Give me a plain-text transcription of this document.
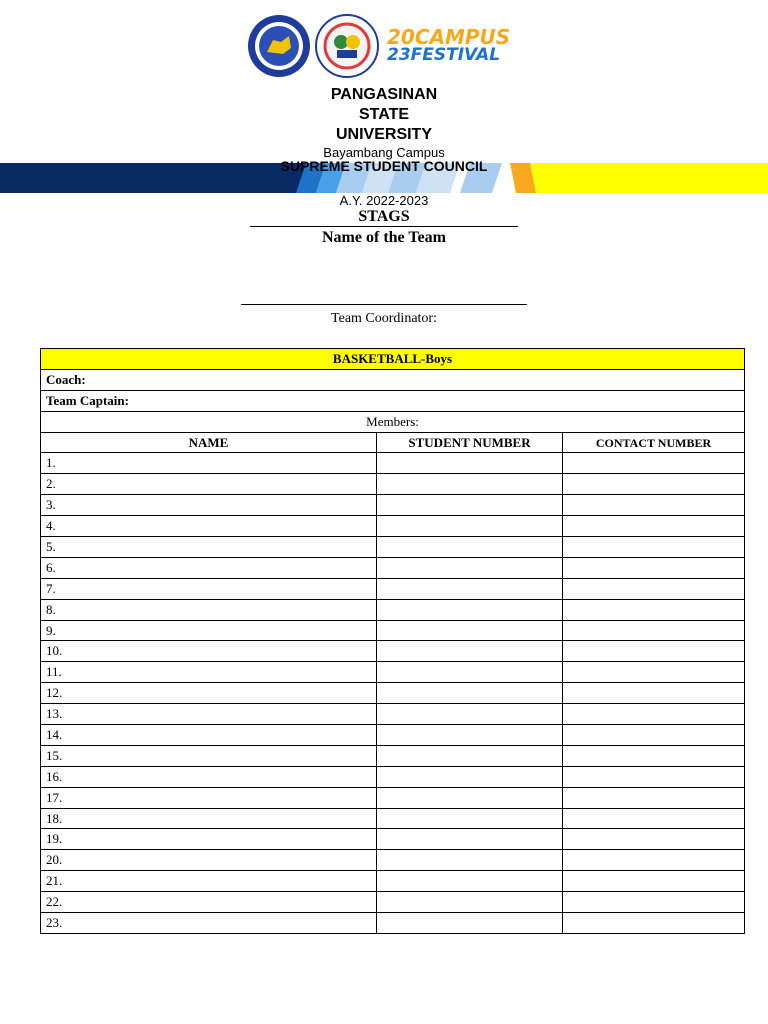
20CAMPUS
23FESTIVAL
PANGASINAN
STATE
UNIVERSITY
Bayambang Campus
SUPREME STUDENT COUNCIL
A.Y. 2022-2023
STAGS
Name of the Team
Team Coordinator:
BASKETBALL-Boys		
Coach:		
Team Captain:		
Members:		
NAME	STUDENT NUMBER	CONTACT NUMBER
1.		
2.		
3.		
4.		
5.		
6.		
7.		
8.		
9.		
10.		
11.		
12.		
13.		
14.		
15.		
16.		
17.		
18.		
19.		
20.		
21.		
22.		
23.		
